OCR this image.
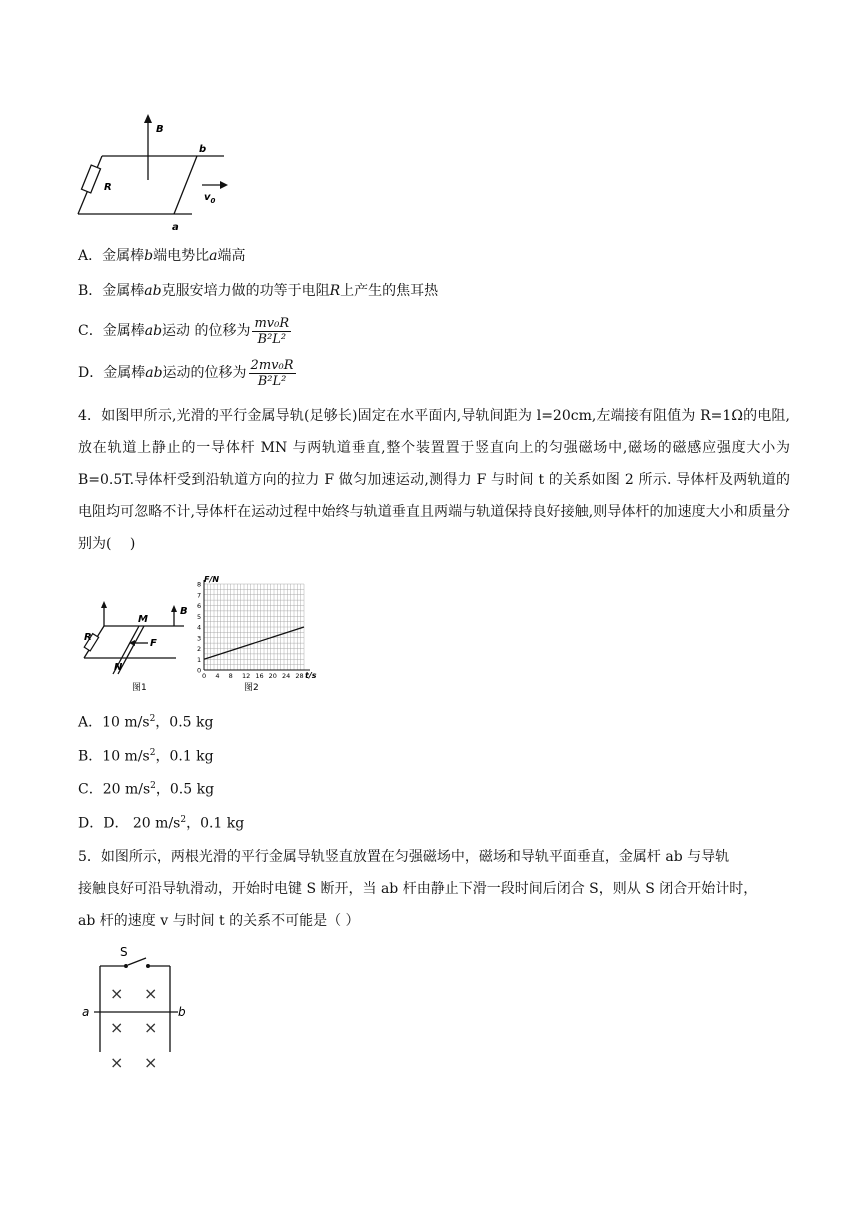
B
b
R
$v_0$
a
A．金属棒b端电势比a端高
B．金属棒ab克服安培力做的功等于电阻R上产生的焦耳热
C．金属棒ab运动 的位移为 $\frac{\text{mv₀R}}{\text{B²L²}}$
D．金属棒ab运动的位移为 $\frac{\text{2mv₀R}}{\text{B²L²}}$
4．如图甲所示,光滑的平行金属导轨(足够长)固定在水平面内,导轨间距为 l=20cm,左端接有阻值为 R=1Ω的电阻,放在轨道上静止的一导体杆 MN 与两轨道垂直,整个装置置于竖直向上的匀强磁场中,磁场的磁感应强度大小为 B=0.5T.导体杆受到沿轨道方向的拉力 F 做匀加速运动,测得力 F 与时间 t 的关系如图 2 所示. 导体杆及两轨道的电阻均可忽略不计,导体杆在运动过程中始终与轨道垂直且两端与轨道保持良好接触,则导体杆的加速度大小和质量分别为(　 )
R
M
B
F
N
图1
0
1
2
3
4
5
6
7
8
0 4 8 12 16 20 24 28
F/N
t/s
图2
A．10 $m/s^2$，0.5 kg
B．10 $m/s^2$，0.1 kg
C．20 $m/s^2$，0.5 kg
D．D． 20 $m/s^2$，0.1 kg
5．如图所示，两根光滑的平行金属导轨竖直放置在匀强磁场中，磁场和导轨平面垂直，金属杆 ab 与导轨
接触良好可沿导轨滑动，开始时电键 S 断开，当 ab 杆由静止下滑一段时间后闭合 S，则从 S 闭合开始计时，
ab 杆的速度 v 与时间 t 的关系不可能是（ ）
S
a	b
× ×
× ×
× ×
